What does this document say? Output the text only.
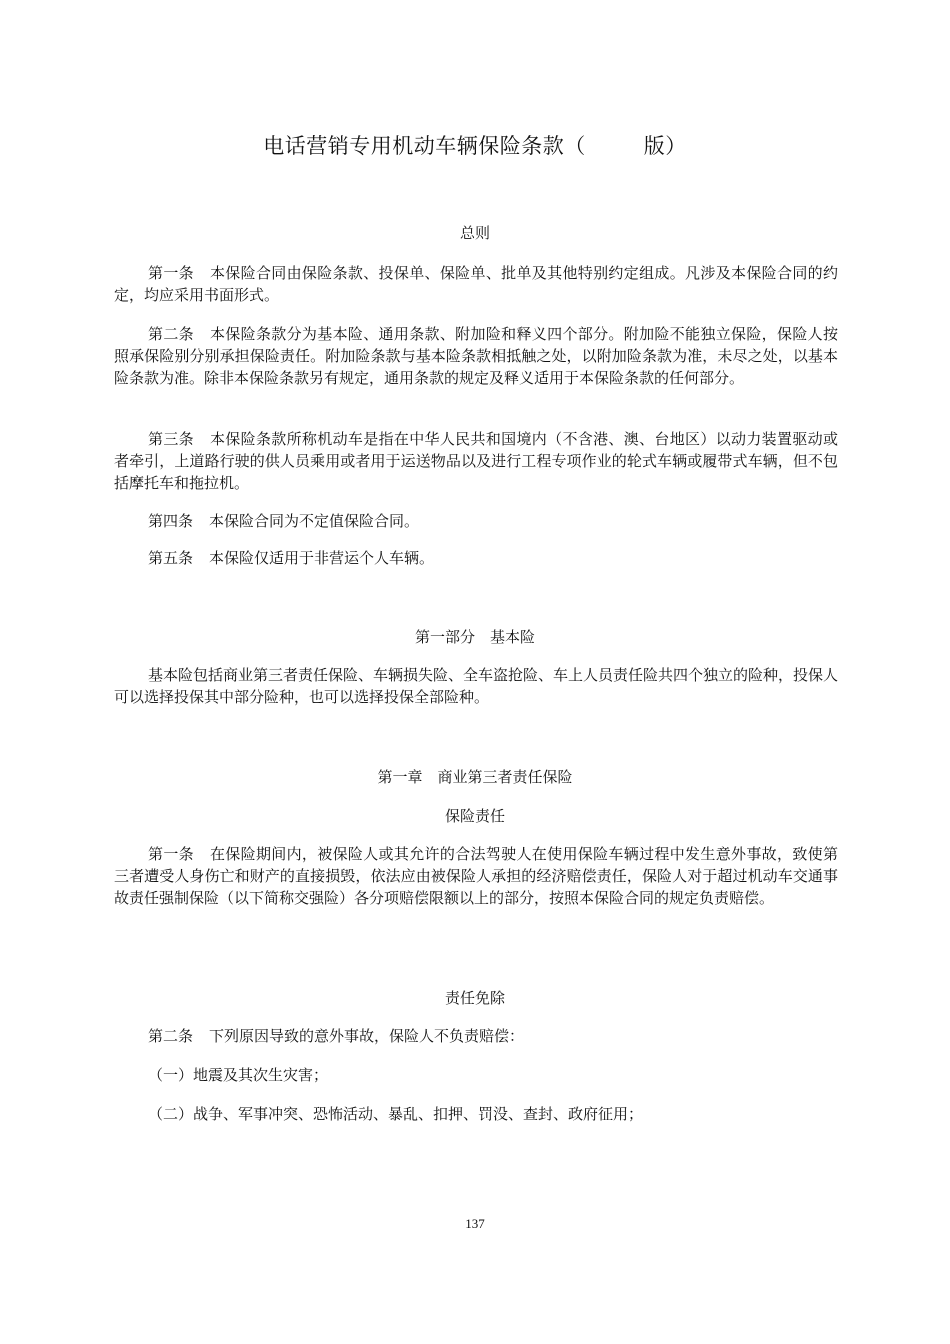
电话营销专用机动车辆保险条款（	版）
总则

第一条 本保险合同由保险条款、投保单、保险单、批单及其他特别约定组成。凡涉及本保险合同的约定，均应采用书面形式。

第二条 本保险条款分为基本险、通用条款、附加险和释义四个部分。附加险不能独立保险，保险人按照承保险别分别承担保险责任。附加险条款与基本险条款相抵触之处，以附加险条款为准，未尽之处，以基本险条款为准。除非本保险条款另有规定，通用条款的规定及释义适用于本保险条款的任何部分。

第三条 本保险条款所称机动车是指在中华人民共和国境内（不含港、澳、台地区）以动力装置驱动或者牵引，上道路行驶的供人员乘用或者用于运送物品以及进行工程专项作业的轮式车辆或履带式车辆，但不包括摩托车和拖拉机。

第四条 本保险合同为不定值保险合同。

第五条 本保险仅适用于非营运个人车辆。

第一部分　基本险

基本险包括商业第三者责任保险、车辆损失险、全车盗抢险、车上人员责任险共四个独立的险种，投保人可以选择投保其中部分险种，也可以选择投保全部险种。

第一章　商业第三者责任保险
保险责任

第一条 在保险期间内，被保险人或其允许的合法驾驶人在使用保险车辆过程中发生意外事故，致使第三者遭受人身伤亡和财产的直接损毁，依法应由被保险人承担的经济赔偿责任，保险人对于超过机动车交通事故责任强制保险（以下简称交强险）各分项赔偿限额以上的部分，按照本保险合同的规定负责赔偿。

责任免除

第二条 下列原因导致的意外事故，保险人不负责赔偿：

（一）地震及其次生灾害；

（二）战争、军事冲突、恐怖活动、暴乱、扣押、罚没、查封、政府征用；

137
